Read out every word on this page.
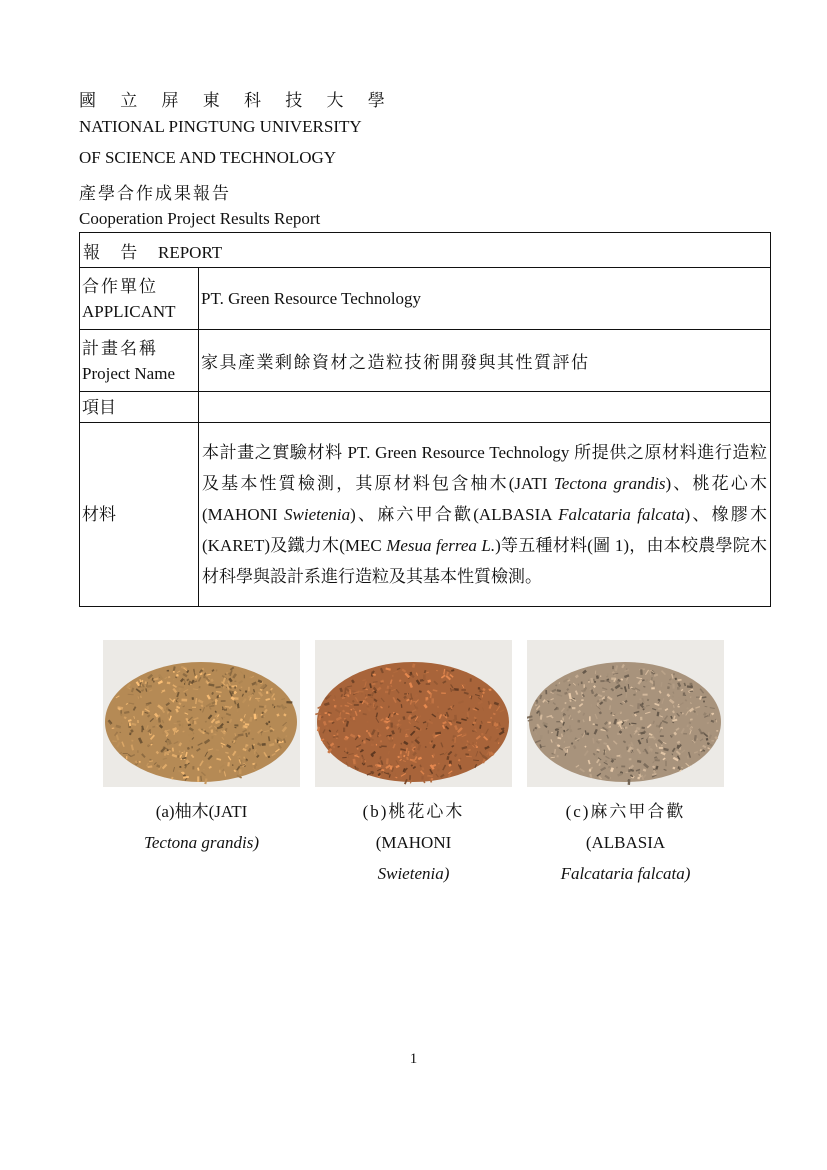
國 立 屏 東 科 技 大 學
NATIONAL PINGTUNG UNIVERSITY
OF SCIENCE AND TECHNOLOGY
產學合作成果報告
Cooperation Project Results Report
報 告 REPORT	

合作單位
APPLICANT	PT. Green Resource Technology

計畫名稱
Project Name	家具產業剩餘資材之造粒技術開發與其性質評估
項目	
材料	本計畫之實驗材料 PT. Green Resource Technology 所提供之原材料進行造粒及基本性質檢測，其原材料包含柚木(JATI Tectona grandis)、桃花心木(MAHONI Swietenia)、麻六甲合歡(ALBASIA Falcataria falcata)、橡膠木(KARET)及鐵力木(MEC Mesua ferrea L.)等五種材料(圖 1)，由本校農學院木材科學與設計系進行造粒及其基本性質檢測。
(a)柚木(JATI
Tectona grandis)
(b)桃花心木
(MAHONI
Swietenia)
(c)麻六甲合歡
(ALBASIA
Falcataria falcata)
1
